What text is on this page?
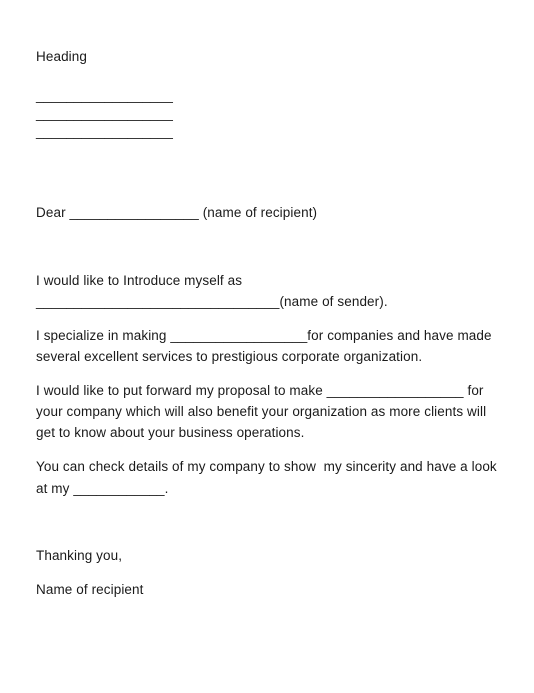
Heading
__________________
__________________
__________________
Dear _________________ (name of recipient)
I would like to Introduce myself as
________________________________(name of sender).
I specialize in making __________________for companies and have made
several excellent services to prestigious corporate organization.
I would like to put forward my proposal to make __________________ for
your company which will also benefit your organization as more clients will
get to know about your business operations.
You can check details of my company to show  my sincerity and have a look
at my ____________.
Thanking you,
Name of recipient
